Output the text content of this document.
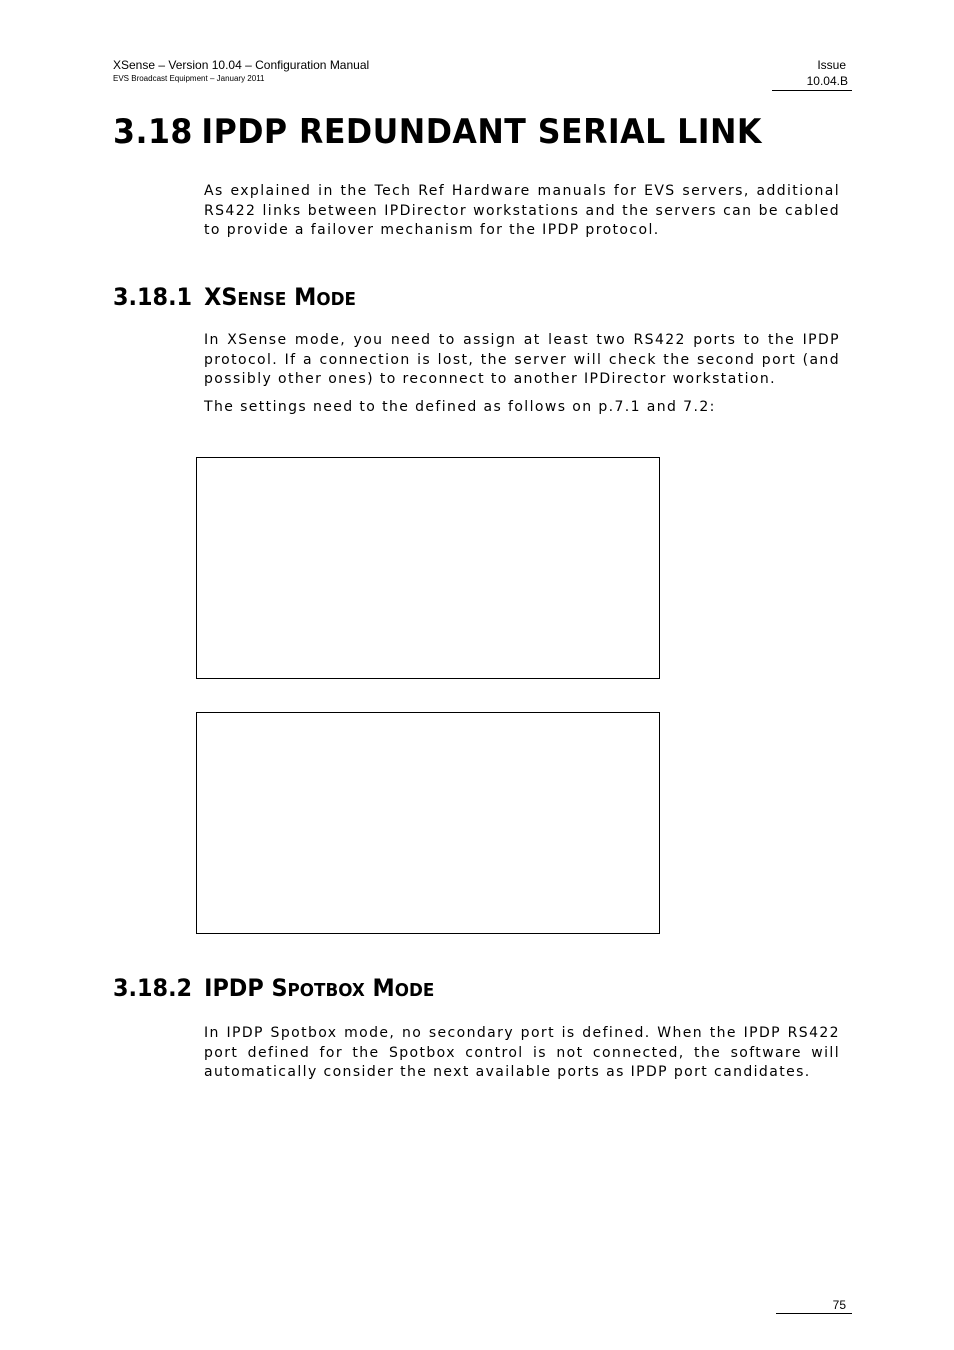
XSense – Version 10.04 – Configuration Manual
EVS Broadcast Equipment – January 2011
Issue
10.04.B
3.18 IPDP REDUNDANT SERIAL LINK

As explained in the Tech Ref Hardware manuals for EVS servers, additional RS422 links between IPDirector workstations and the servers can be cabled to provide a failover mechanism for the IPDP protocol.

3.18.1 XSENSE MODE

In XSense mode, you need to assign at least two RS422 ports to the IPDP protocol. If a connection is lost, the server will check the second port (and possibly other ones) to reconnect to another IPDirector workstation.

The settings need to the defined as follows on p.7.1 and 7.2:

3.18.2 IPDP SPOTBOX MODE

In IPDP Spotbox mode, no secondary port is defined. When the IPDP RS422 port defined for the Spotbox control is not connected, the software will automatically consider the next available ports as IPDP port candidates.

75
